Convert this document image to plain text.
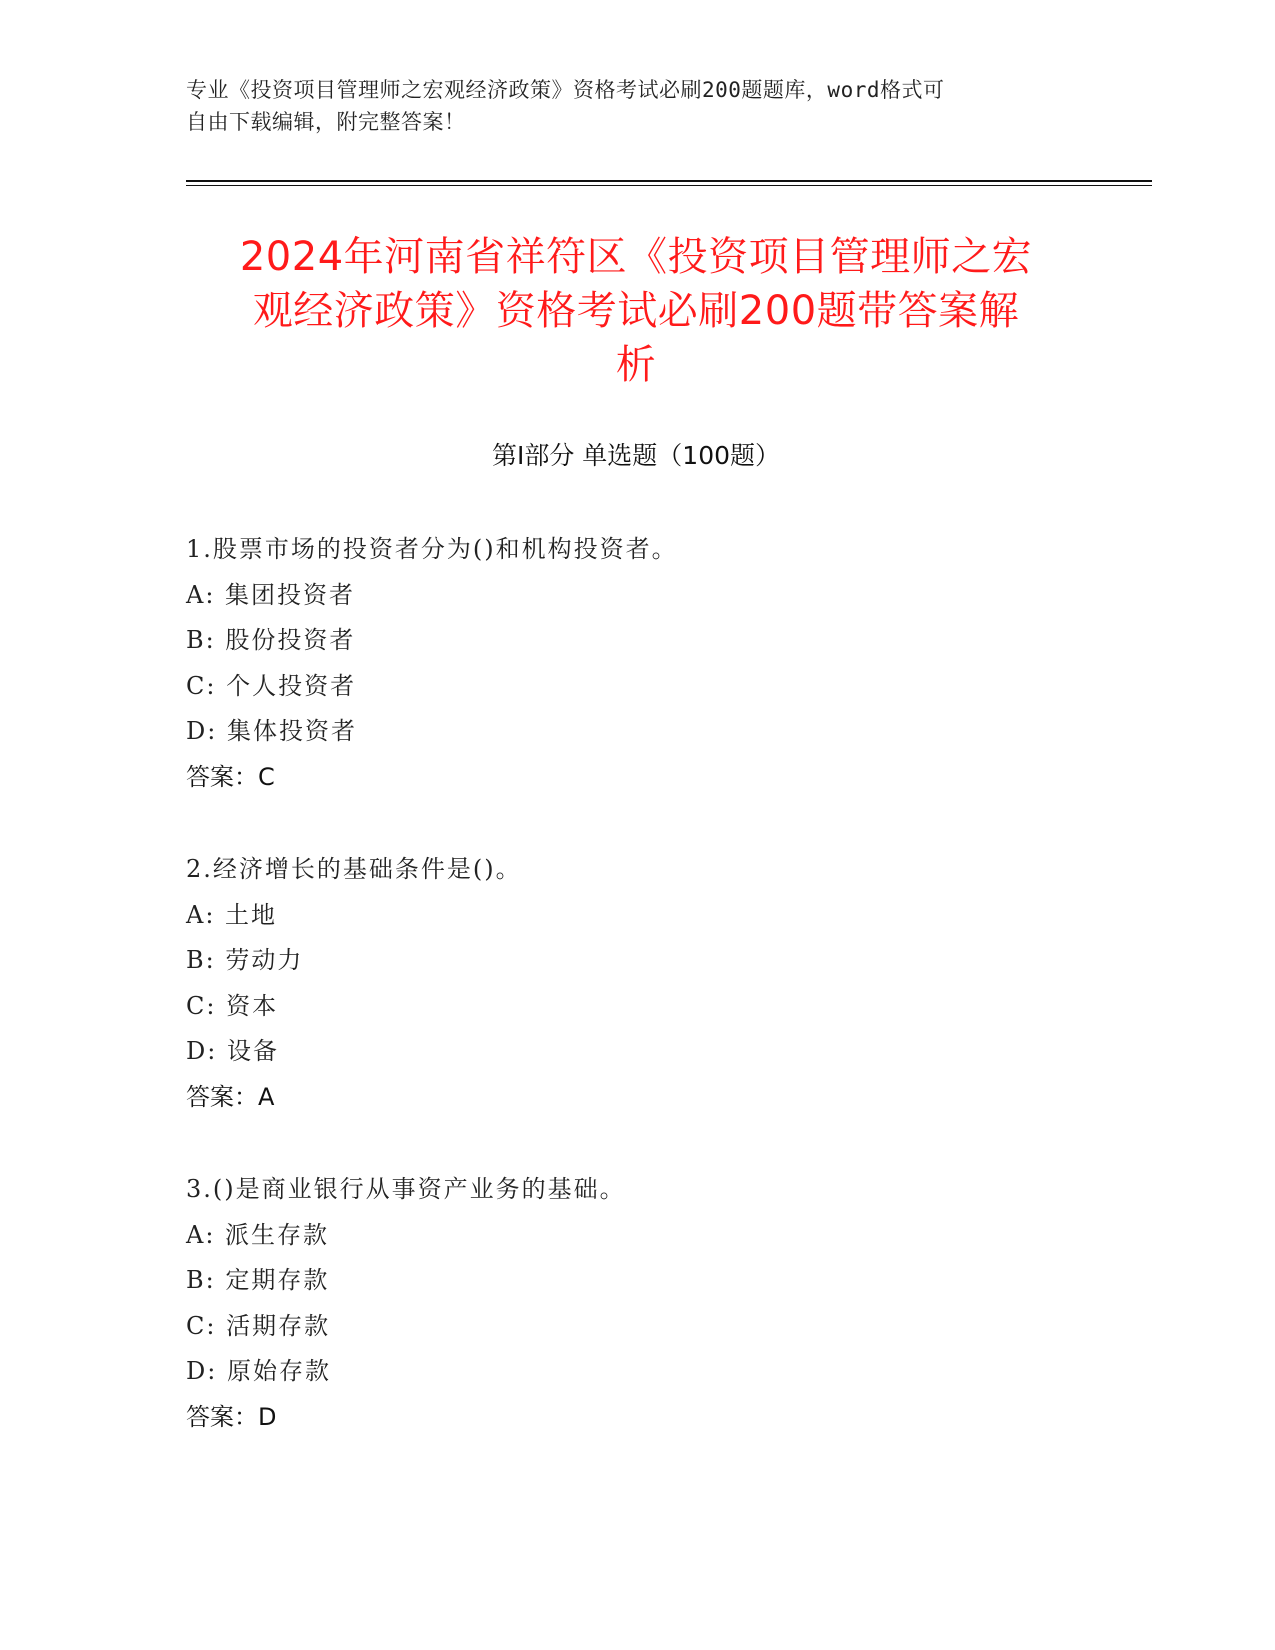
专业《投资项目管理师之宏观经济政策》资格考试必刷200题题库，word格式可
自由下载编辑，附完整答案！
2024年河南省祥符区《投资项目管理师之宏
观经济政策》资格考试必刷200题带答案解
析
第Ⅰ部分 单选题（100题）
1.股票市场的投资者分为()和机构投资者。
A: 集团投资者
B: 股份投资者
C: 个人投资者
D: 集体投资者
答案：C
2.经济增长的基础条件是()。
A: 土地
B: 劳动力
C: 资本
D: 设备
答案：A
3.()是商业银行从事资产业务的基础。
A: 派生存款
B: 定期存款
C: 活期存款
D: 原始存款
答案：D
